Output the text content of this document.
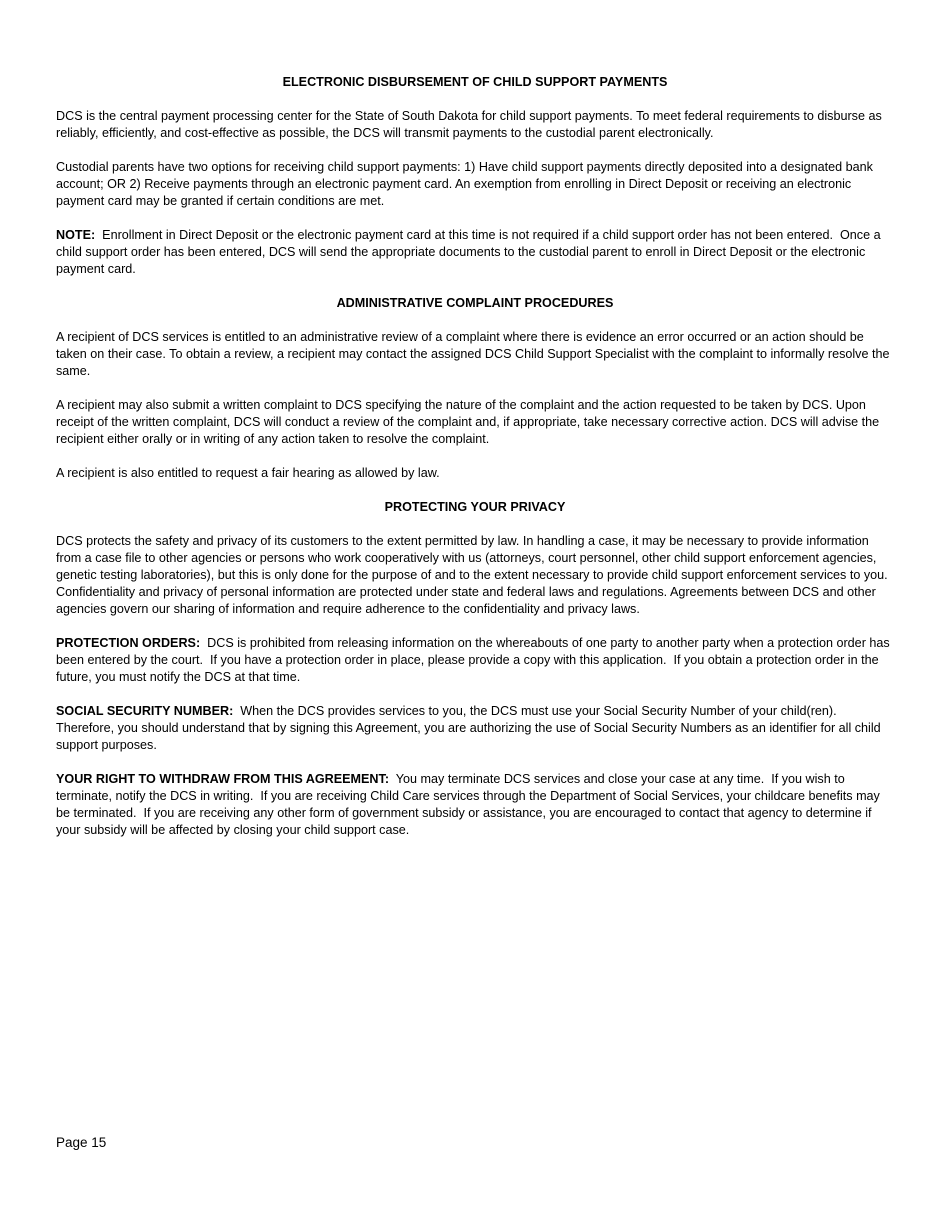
ELECTRONIC DISBURSEMENT OF CHILD SUPPORT PAYMENTS

DCS is the central payment processing center for the State of South Dakota for child support payments. To meet federal requirements to disburse as reliably, efficiently, and cost-effective as possible, the DCS will transmit payments to the custodial parent electronically.

Custodial parents have two options for receiving child support payments: 1) Have child support payments directly deposited into a designated bank account; OR 2) Receive payments through an electronic payment card. An exemption from enrolling in Direct Deposit or receiving an electronic payment card may be granted if certain conditions are met.

NOTE:  Enrollment in Direct Deposit or the electronic payment card at this time is not required if a child support order has not been entered.  Once a child support order has been entered, DCS will send the appropriate documents to the custodial parent to enroll in Direct Deposit or the electronic payment card.

ADMINISTRATIVE COMPLAINT PROCEDURES

A recipient of DCS services is entitled to an administrative review of a complaint where there is evidence an error occurred or an action should be taken on their case. To obtain a review, a recipient may contact the assigned DCS Child Support Specialist with the complaint to informally resolve the same.

A recipient may also submit a written complaint to DCS specifying the nature of the complaint and the action requested to be taken by DCS. Upon receipt of the written complaint, DCS will conduct a review of the complaint and, if appropriate, take necessary corrective action. DCS will advise the recipient either orally or in writing of any action taken to resolve the complaint.

A recipient is also entitled to request a fair hearing as allowed by law.

PROTECTING YOUR PRIVACY

DCS protects the safety and privacy of its customers to the extent permitted by law. In handling a case, it may be necessary to provide information from a case file to other agencies or persons who work cooperatively with us (attorneys, court personnel, other child support enforcement agencies, genetic testing laboratories), but this is only done for the purpose of and to the extent necessary to provide child support enforcement services to you. Confidentiality and privacy of personal information are protected under state and federal laws and regulations. Agreements between DCS and other agencies govern our sharing of information and require adherence to the confidentiality and privacy laws.

PROTECTION ORDERS:  DCS is prohibited from releasing information on the whereabouts of one party to another party when a protection order has been entered by the court.  If you have a protection order in place, please provide a copy with this application.  If you obtain a protection order in the future, you must notify the DCS at that time.

SOCIAL SECURITY NUMBER:  When the DCS provides services to you, the DCS must use your Social Security Number of your child(ren).  Therefore, you should understand that by signing this Agreement, you are authorizing the use of Social Security Numbers as an identifier for all child support purposes.

YOUR RIGHT TO WITHDRAW FROM THIS AGREEMENT:  You may terminate DCS services and close your case at any time.  If you wish to terminate, notify the DCS in writing.  If you are receiving Child Care services through the Department of Social Services, your childcare benefits may be terminated.  If you are receiving any other form of government subsidy or assistance, you are encouraged to contact that agency to determine if your subsidy will be affected by closing your child support case.

Page 15
